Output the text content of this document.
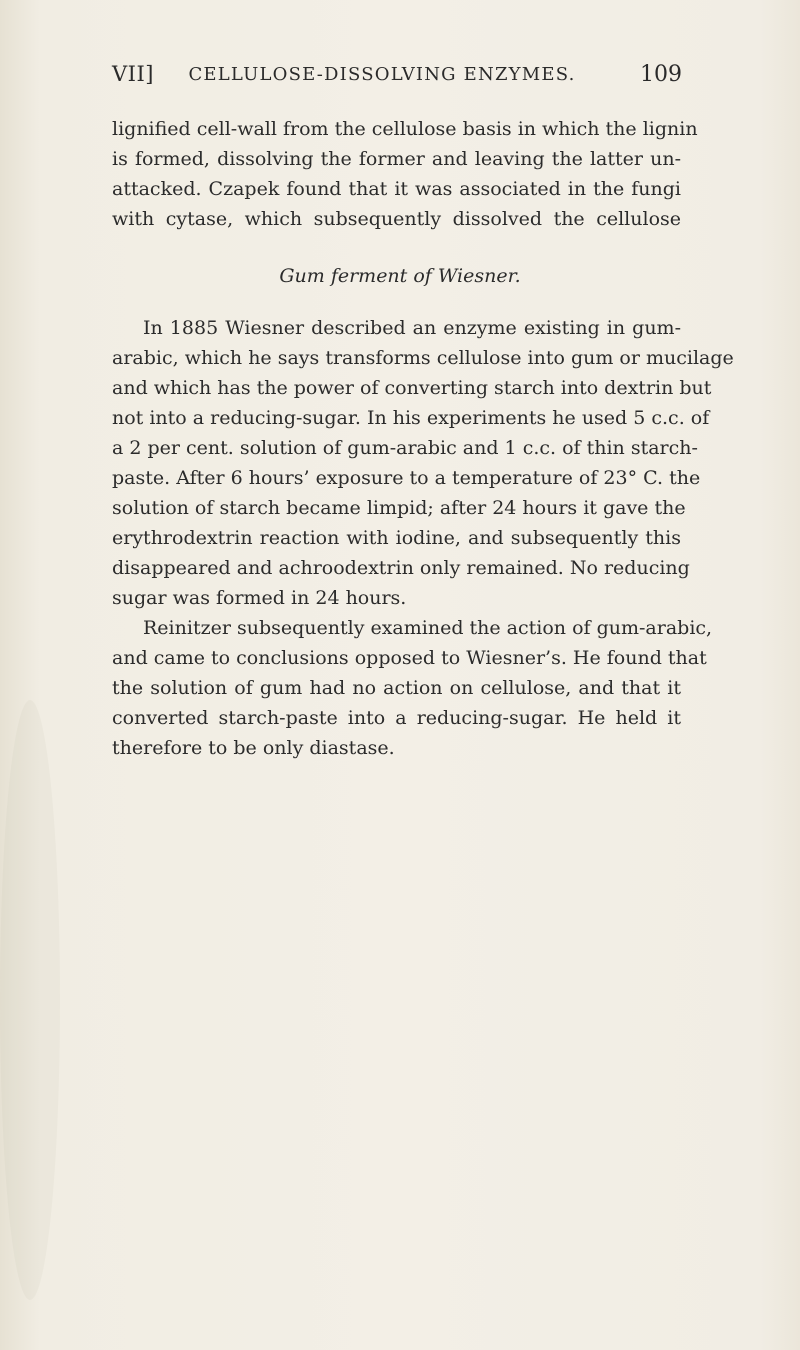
VII]	CELLULOSE-DISSOLVING ENZYMES.	109
lignified cell-wall from the cellulose basis in which the lignin
is formed, dissolving the former and leaving the latter un-
attacked. Czapek found that it was associated in the fungi
with cytase, which subsequently dissolved the cellulose
Gum ferment of Wiesner.
In 1885 Wiesner described an enzyme existing in gum-
arabic, which he says transforms cellulose into gum or mucilage
and which has the power of converting starch into dextrin but
not into a reducing-sugar. In his experiments he used 5 c.c. of
a 2 per cent. solution of gum-arabic and 1 c.c. of thin starch-
paste. After 6 hours’ exposure to a temperature of 23° C. the
solution of starch became limpid; after 24 hours it gave the
erythrodextrin reaction with iodine, and subsequently this
disappeared and achroodextrin only remained. No reducing
sugar was formed in 24 hours.
Reinitzer subsequently examined the action of gum-arabic,
and came to conclusions opposed to Wiesner’s. He found that
the solution of gum had no action on cellulose, and that it
converted starch-paste into a reducing-sugar. He held it
therefore to be only diastase.
